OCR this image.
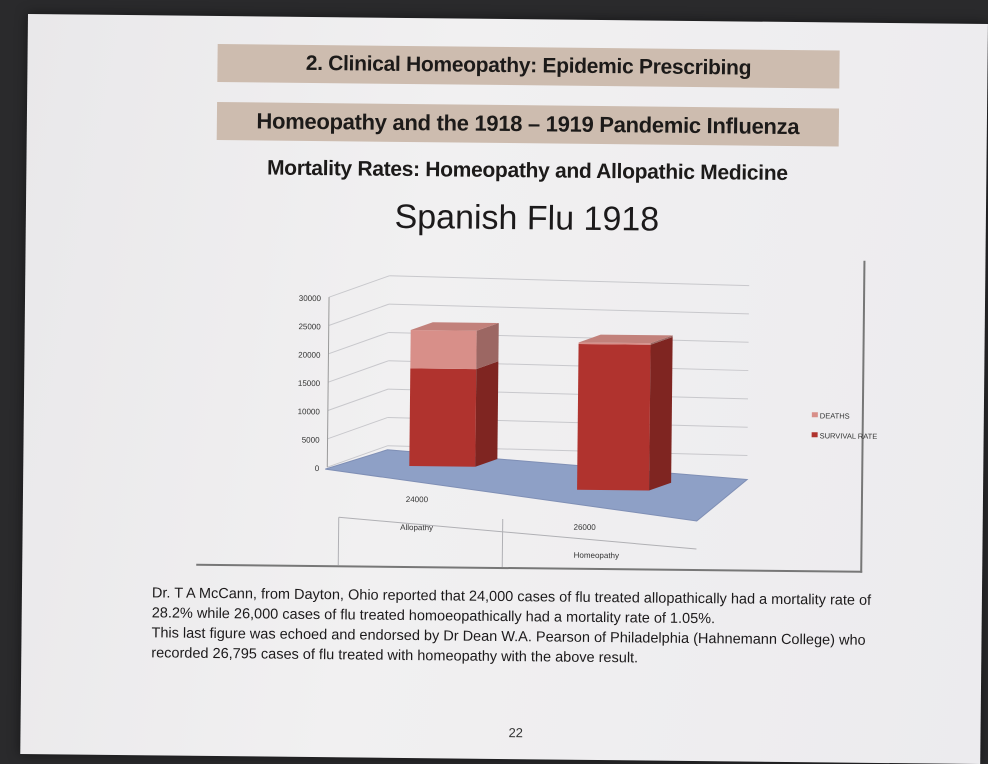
2. Clinical Homeopathy: Epidemic Prescribing
Homeopathy and the 1918 – 1919 Pandemic Influenza
Mortality Rates: Homeopathy and Allopathic Medicine
Spanish Flu 1918
0
5000
10000
15000
20000
25000
30000
24000
Allopathy	26000
Homeopathy
DEATHS
SURVIVAL RATE

Dr. T A McCann, from Dayton, Ohio reported that 24,000 cases of flu treated allopathically had a mortality rate of 28.2% while 26,000 cases of flu treated homoeopathically had a mortality rate of 1.05%.

This last figure was echoed and endorsed by Dr Dean W.A. Pearson of Philadelphia (Hahnemann College) who recorded 26,795 cases of flu treated with homeopathy with the above result.

22
